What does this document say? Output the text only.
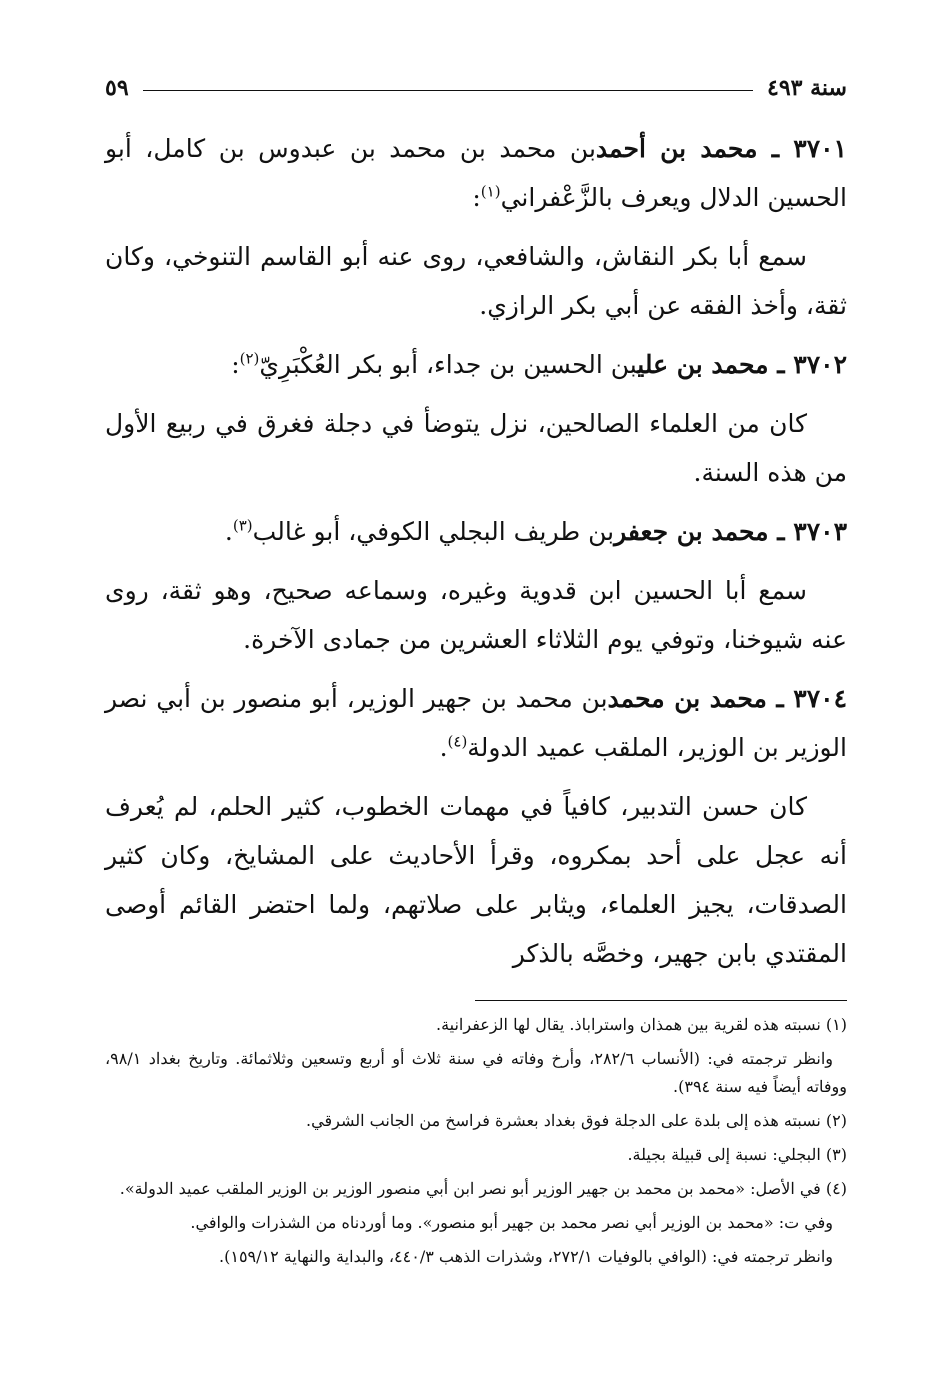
سنة ٤٩٣
٥٩

٣٧٠١ ـ محمد بن أحمدبن محمد بن محمد بن عبدوس بن كامل، أبو الحسين الدلال ويعرف بالزَّعْفراني$^{(١)}$:

سمع أبا بكر النقاش، والشافعي، روى عنه أبو القاسم التنوخي، وكان ثقة، وأخذ الفقه عن أبي بكر الرازي.

٣٧٠٢ ـ محمد بن عليبن الحسين بن جداء، أبو بكر العُكْبَرِيّ$^{(٢)}$:

كان من العلماء الصالحين، نزل يتوضأ في دجلة فغرق في ربيع الأول من هذه السنة.

٣٧٠٣ ـ محمد بن جعفربن طريف البجلي الكوفي، أبو غالب$^{(٣)}$.

سمع أبا الحسين ابن قدوية وغيره، وسماعه صحيح، وهو ثقة، روى عنه شيوخنا، وتوفي يوم الثلاثاء العشرين من جمادى الآخرة.

٣٧٠٤ ـ محمد بن محمدبن محمد بن جهير الوزير، أبو منصور بن أبي نصر الوزير بن الوزير، الملقب عميد الدولة$^{(٤)}$.

كان حسن التدبير، كافياً في مهمات الخطوب، كثير الحلم، لم يُعرف أنه عجل على أحد بمكروه، وقرأ الأحاديث على المشايخ، وكان كثير الصدقات، يجيز العلماء، ويثابر على صلاتهم، ولما احتضر القائم أوصى المقتدي بابن جهير، وخصَّه بالذكر

(١) نسبته هذه لقرية بين همذان واستراباذ. يقال لها الزعفرانية.

وانظر ترجمته في: (الأنساب ٢٨٢/٦، وأرخ وفاته في سنة ثلاث أو أربع وتسعين وثلاثمائة. وتاريخ بغداد ٩٨/١، ووفاته أيضاً فيه سنة ٣٩٤).

(٢) نسبته هذه إلى بلدة على الدجلة فوق بغداد بعشرة فراسخ من الجانب الشرقي.

(٣) البجلي: نسبة إلى قبيلة بجيلة.

(٤) في الأصل: «محمد بن محمد بن جهير الوزير أبو نصر ابن أبي منصور الوزير بن الوزير الملقب عميد الدولة».

وفي ت: «محمد بن الوزير أبي نصر محمد بن جهير أبو منصور». وما أوردناه من الشذرات والوافي.

وانظر ترجمته في: (الوافي بالوفيات ٢٧٢/١، وشذرات الذهب ٤٤٠/٣، والبداية والنهاية ١٥٩/١٢).
